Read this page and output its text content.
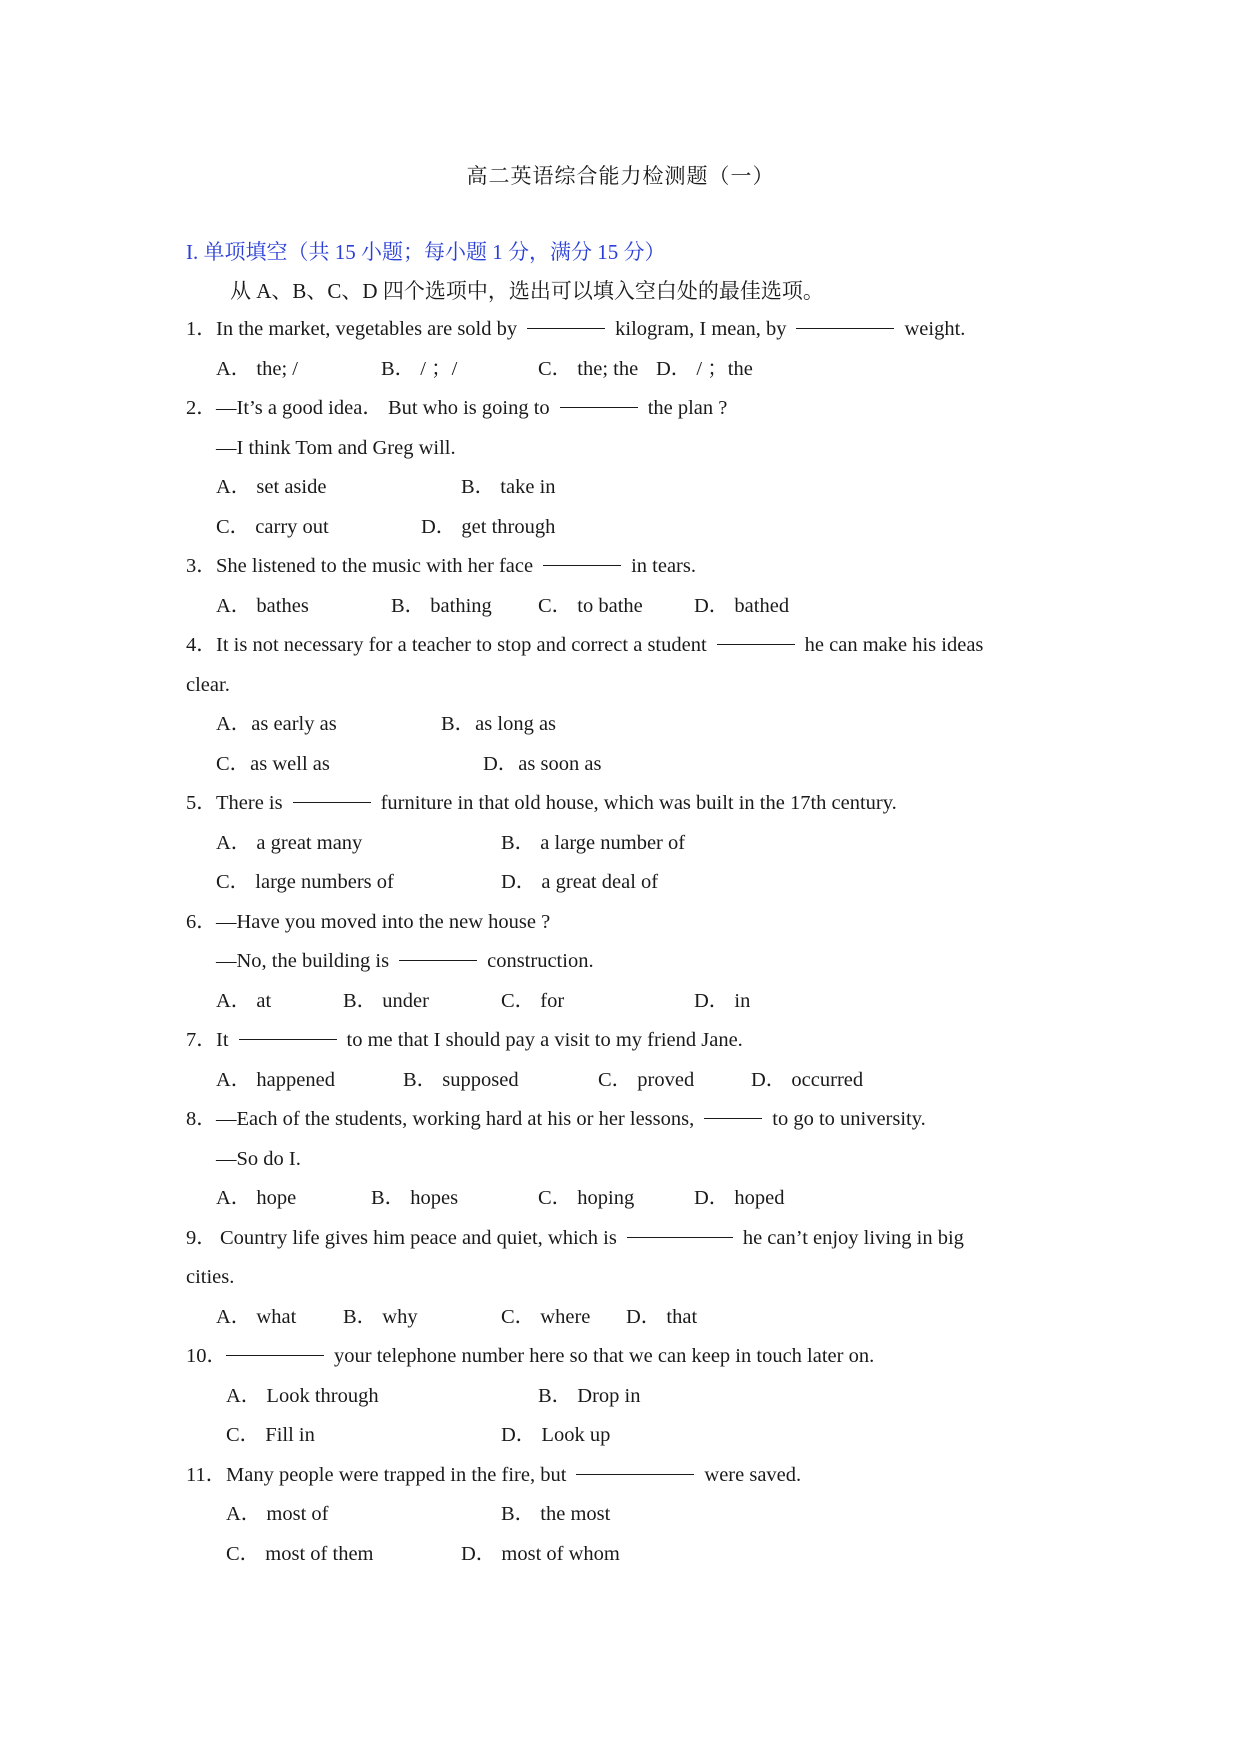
高二英语综合能力检测题（一）
I. 单项填空（共 15 小题；每小题 1 分，满分 15 分）
从 A、B、C、D 四个选项中，选出可以填入空白处的最佳选项。
1． In the market, vegetables are sold by	kilogram, I mean, by	weight.
A． the; /	B． / ；/	C． the; the D． / ；the
2． —It’s a good idea． But who is going to	the plan ?
—I think Tom and Greg will.
A． set aside	B． take in
C． carry out	D． get through
3． She listened to the music with her face	in tears.
A． bathes	B． bathing C． to bathe D． bathed
4． It is not necessary for a teacher to stop and correct a student	he can make his ideas
clear.
A．as early as	B．as long as
C．as well as	D．as soon as
5． There is	furniture in that old house, which was built in the 17th century.
A． a great many	B． a large number of
C． large numbers of	D． a great deal of
6． —Have you moved into the new house ?
—No, the building is	construction.
A． at	B． under	C． for	D． in
7． It	to me that I should pay a visit to my friend Jane.
A． happened	B． supposed	C． proved	D． occurred
8． —Each of the students, working hard at his or her lessons,	to go to university.
—So do I.
A． hope	B． hopes	C． hoping	D． hoped
9． Country life gives him peace and quiet, which is	he can’t enjoy living in big
cities.
A． what B． why	C． where D． that
10．	your telephone number here so that we can keep in touch later on.
A． Look through	B． Drop in
C． Fill in	D． Look up
11． Many people were trapped in the fire, but	were saved.
A． most of	B． the most
C． most of them	D． most of whom
